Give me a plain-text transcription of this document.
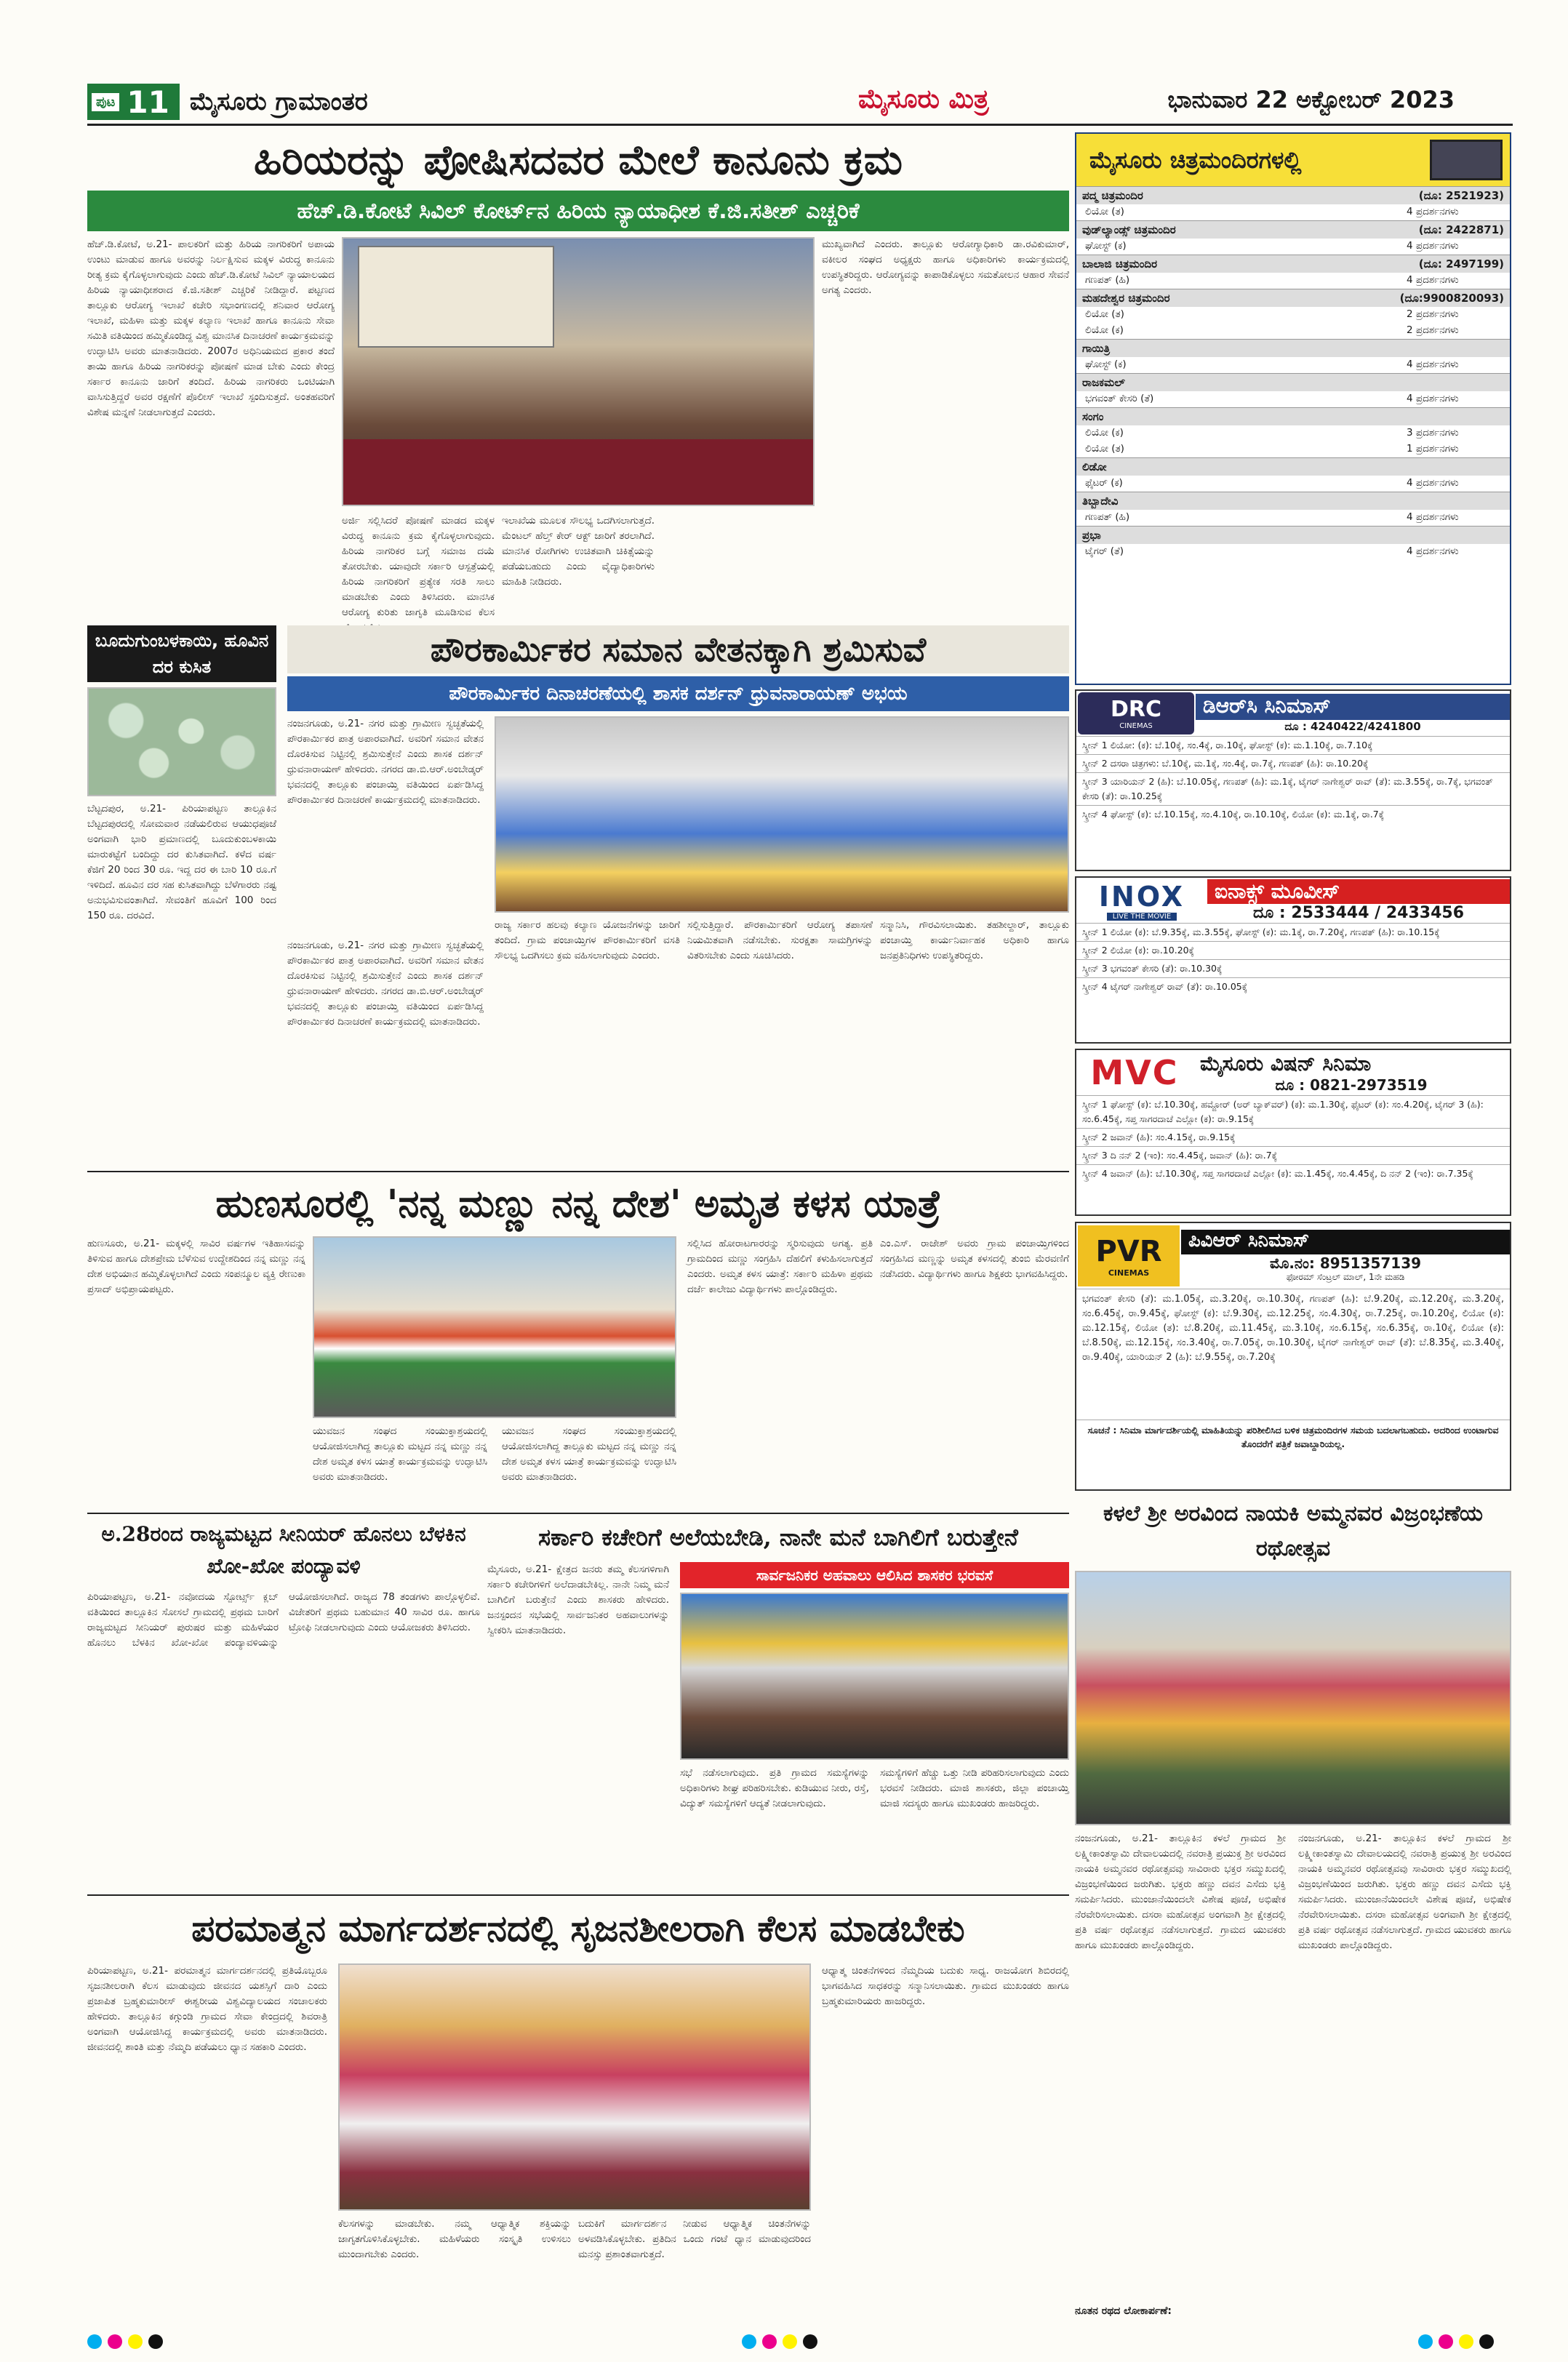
ಪುಟ 11 ಮೈಸೂರು ಗ್ರಾಮಾಂತರ	ಮೈಸೂರು ಮಿತ್ರ	ಭಾನುವಾರ 22 ಅಕ್ಟೋಬರ್ 2023
ಹಿರಿಯರನ್ನು ಪೋಷಿಸದವರ ಮೇಲೆ ಕಾನೂನು ಕ್ರಮ
ಹೆಚ್.ಡಿ.ಕೋಟೆ ಸಿವಿಲ್ ಕೋರ್ಟ್‌ನ ಹಿರಿಯ ನ್ಯಾಯಾಧೀಶ ಕೆ.ಜಿ.ಸತೀಶ್ ಎಚ್ಚರಿಕೆ
ಹೆಚ್.ಡಿ.ಕೋಟೆ, ಅ.21- ಪಾಲಕರಿಗೆ ಮತ್ತು ಹಿರಿಯ ನಾಗರಿಕರಿಗೆ ಅಪಾಯ ಉಂಟು ಮಾಡುವ ಹಾಗೂ ಅವರನ್ನು ನಿರ್ಲಕ್ಷಿಸುವ ಮಕ್ಕಳ ವಿರುದ್ಧ ಕಾನೂನು ರೀತ್ಯ ಕ್ರಮ ಕೈಗೊಳ್ಳಲಾಗುವುದು ಎಂದು ಹೆಚ್.ಡಿ.ಕೋಟೆ ಸಿವಿಲ್ ನ್ಯಾಯಾಲಯದ ಹಿರಿಯ ನ್ಯಾಯಾಧೀಶರಾದ ಕೆ.ಜಿ.ಸತೀಶ್ ಎಚ್ಚರಿಕೆ ನೀಡಿದ್ದಾರೆ. ಪಟ್ಟಣದ ತಾಲ್ಲೂಕು ಆರೋಗ್ಯ ಇಲಾಖೆ ಕಚೇರಿ ಸಭಾಂಗಣದಲ್ಲಿ ಶನಿವಾರ ಆರೋಗ್ಯ ಇಲಾಖೆ, ಮಹಿಳಾ ಮತ್ತು ಮಕ್ಕಳ ಕಲ್ಯಾಣ ಇಲಾಖೆ ಹಾಗೂ ಕಾನೂನು ಸೇವಾ ಸಮಿತಿ ವತಿಯಿಂದ ಹಮ್ಮಿಕೊಂಡಿದ್ದ ವಿಶ್ವ ಮಾನಸಿಕ ದಿನಾಚರಣೆ ಕಾರ್ಯಕ್ರಮವನ್ನು ಉದ್ಘಾಟಿಸಿ ಅವರು ಮಾತನಾಡಿದರು. 2007ರ ಅಧಿನಿಯಮದ ಪ್ರಕಾರ ತಂದೆ ತಾಯಿ ಹಾಗೂ ಹಿರಿಯ ನಾಗರಿಕರನ್ನು ಪೋಷಣೆ ಮಾಡ ಬೇಕು ಎಂದು ಕೇಂದ್ರ ಸರ್ಕಾರ ಕಾನೂನು ಜಾರಿಗೆ ತಂದಿದೆ. ಹಿರಿಯ ನಾಗರಿಕರು ಒಂಟಿಯಾಗಿ ವಾಸಿಸುತ್ತಿದ್ದರೆ ಅವರ ರಕ್ಷಣೆಗೆ ಪೊಲೀಸ್ ಇಲಾಖೆ ಸ್ಪಂದಿಸುತ್ತದೆ. ಅಂತಹವರಿಗೆ ವಿಶೇಷ ಮನ್ನಣೆ ನೀಡಲಾಗುತ್ತದೆ ಎಂದರು.
ಅರ್ಜಿ ಸಲ್ಲಿಸಿದರೆ ಪೋಷಣೆ ಮಾಡದ ಮಕ್ಕಳ ವಿರುದ್ಧ ಕಾನೂನು ಕ್ರಮ ಕೈಗೊಳ್ಳಲಾಗುವುದು. ಹಿರಿಯ ನಾಗರಿಕರ ಬಗ್ಗೆ ಸಮಾಜ ದಯೆ ತೋರಬೇಕು. ಯಾವುದೇ ಸರ್ಕಾರಿ ಆಸ್ಪತ್ರೆಯಲ್ಲಿ ಹಿರಿಯ ನಾಗರಿಕರಿಗೆ ಪ್ರತ್ಯೇಕ ಸರತಿ ಸಾಲು ಮಾಡಬೇಕು ಎಂದು ತಿಳಿಸಿದರು. ಮಾನಸಿಕ ಆರೋಗ್ಯ ಕುರಿತು ಜಾಗೃತಿ ಮೂಡಿಸುವ ಕೆಲಸ
ಇಲಾಖೆಯ ಮೂಲಕ ಸೌಲಭ್ಯ ಒದಗಿಸಲಾಗುತ್ತದೆ. ಮೆಂಟಲ್ ಹೆಲ್ತ್ ಕೇರ್ ಆಕ್ಟ್ ಜಾರಿಗೆ ತರಲಾಗಿದೆ. ಮಾನಸಿಕ ರೋಗಿಗಳು ಉಚಿತವಾಗಿ ಚಿಕಿತ್ಸೆಯನ್ನು ಪಡೆಯಬಹುದು ಎಂದು ವೈದ್ಯಾಧಿಕಾರಿಗಳು ಮಾಹಿತಿ ನೀಡಿದರು.
ಮುಖ್ಯವಾಗಿದೆ ಎಂದರು. ತಾಲ್ಲೂಕು ಆರೋಗ್ಯಾಧಿಕಾರಿ ಡಾ.ರವಿಕುಮಾರ್, ವಕೀಲರ ಸಂಘದ ಅಧ್ಯಕ್ಷರು ಹಾಗೂ ಅಧಿಕಾರಿಗಳು ಕಾರ್ಯಕ್ರಮದಲ್ಲಿ ಉಪಸ್ಥಿತರಿದ್ದರು. ಆರೋಗ್ಯವನ್ನು ಕಾಪಾಡಿಕೊಳ್ಳಲು ಸಮತೋಲನ ಆಹಾರ ಸೇವನೆ ಅಗತ್ಯ ಎಂದರು.
ಮೈಸೂರು ಚಿತ್ರಮಂದಿರಗಳಲ್ಲಿ
ಪದ್ಮ ಚಿತ್ರಮಂದಿರ	(ದೂ: 2521923)
ಲಿಯೋ (ತ)	4 ಪ್ರದರ್ಶನಗಳು
ವುಡ್‌ಲ್ಯಾಂಡ್ಸ್ ಚಿತ್ರಮಂದಿರ	(ದೂ: 2422871)
ಘೋಸ್ಟ್ (ಕ)	4 ಪ್ರದರ್ಶನಗಳು
ಬಾಲಾಜಿ ಚಿತ್ರಮಂದಿರ	(ದೂ: 2497199)
ಗಣಪತ್ (ಹಿ)	4 ಪ್ರದರ್ಶನಗಳು
ಮಹದೇಶ್ವರ ಚಿತ್ರಮಂದಿರ	(ದೂ:9900820093)
ಲಿಯೋ (ತ)	2 ಪ್ರದರ್ಶನಗಳು
ಲಿಯೋ (ಕ)	2 ಪ್ರದರ್ಶನಗಳು
ಗಾಯಿತ್ರಿ
ಘೋಸ್ಟ್ (ಕ)	4 ಪ್ರದರ್ಶನಗಳು
ರಾಜಕಮಲ್
ಭಗವಂತ್ ಕೇಸರಿ (ತೆ)	4 ಪ್ರದರ್ಶನಗಳು
ಸಂಗಂ
ಲಿಯೋ (ಕ)	3 ಪ್ರದರ್ಶನಗಳು
ಲಿಯೋ (ತ)	1 ಪ್ರದರ್ಶನಗಳು
ಲಿಡೋ
ಫೈಟರ್ (ಕ)	4 ಪ್ರದರ್ಶನಗಳು
ತಿಬ್ಬಾದೇವಿ
ಗಣಪತ್ (ಹಿ)	4 ಪ್ರದರ್ಶನಗಳು
ಪ್ರಭಾ
ಟೈಗರ್ (ತೆ)	4 ಪ್ರದರ್ಶನಗಳು
DRC
CINEMAS
ಡಿಆರ್‌ಸಿ ಸಿನಿಮಾಸ್
ದೂ : 4240422/4241800
ಸ್ಕ್ರೀನ್ 1 ಲಿಯೋ: (ಕ): ಬೆ.10ಕ್ಕೆ, ಸಂ.4ಕ್ಕೆ, ರಾ.10ಕ್ಕೆ, ಘೋಸ್ಟ್ (ಕ): ಮ.1.10ಕ್ಕೆ, ರಾ.7.10ಕ್ಕೆ
ಸ್ಕ್ರೀನ್ 2 ದಸರಾ ಚಿತ್ರಗಳು: ಬೆ.10ಕ್ಕೆ, ಮ.1ಕ್ಕೆ, ಸಂ.4ಕ್ಕೆ, ರಾ.7ಕ್ಕೆ, ಗಣಪತ್ (ಹಿ): ರಾ.10.20ಕ್ಕೆ
ಸ್ಕ್ರೀನ್ 3 ಯಾರಿಯನ್ 2 (ಹಿ): ಬೆ.10.05ಕ್ಕೆ, ಗಣಪತ್ (ಹಿ): ಮ.1ಕ್ಕೆ, ಟೈಗರ್ ನಾಗೇಶ್ವರ್ ರಾವ್ (ತೆ): ಮ.3.55ಕ್ಕೆ, ರಾ.7ಕ್ಕೆ, ಭಗವಂತ್ ಕೇಸರಿ (ತೆ): ರಾ.10.25ಕ್ಕೆ
ಸ್ಕ್ರೀನ್ 4 ಘೋಸ್ಟ್ (ಕ): ಬೆ.10.15ಕ್ಕೆ, ಸಂ.4.10ಕ್ಕೆ, ರಾ.10.10ಕ್ಕೆ, ಲಿಯೋ (ಕ): ಮ.1ಕ್ಕೆ, ರಾ.7ಕ್ಕೆ
INOX
LIVE THE MOVIE
ಐನಾಕ್ಸ್ ಮೂವೀಸ್
ದೂ : 2533444 / 2433456
ಸ್ಕ್ರೀನ್ 1 ಲಿಯೋ (ಕ): ಬೆ.9.35ಕ್ಕೆ, ಮ.3.55ಕ್ಕೆ, ಘೋಸ್ಟ್ (ಕ): ಮ.1ಕ್ಕೆ, ರಾ.7.20ಕ್ಕೆ, ಗಣಪತ್ (ಹಿ): ರಾ.10.15ಕ್ಕೆ
ಸ್ಕ್ರೀನ್ 2 ಲಿಯೋ (ಕ): ರಾ.10.20ಕ್ಕೆ
ಸ್ಕ್ರೀನ್ 3 ಭಗವಂತ್ ಕೇಸರಿ (ತೆ): ರಾ.10.30ಕ್ಕೆ
ಸ್ಕ್ರೀನ್ 4 ಟೈಗರ್ ನಾಗೇಶ್ವರ್ ರಾವ್ (ತೆ): ರಾ.10.05ಕ್ಕೆ
MVC	ಮೈಸೂರು ವಿಷನ್ ಸಿನಿಮಾ
ದೂ : 0821-2973519
ಸ್ಕ್ರೀನ್ 1 ಘೋಸ್ಟ್ (ಕ): ಬೆ.10.30ಕ್ಕೆ, ಹಮ್ಜೋರ್ (ಅರ್ ಬ್ಯಾಕ್‌ವರ್) (ಕ): ಮ.1.30ಕ್ಕೆ, ಫೈಟರ್ (ಕ): ಸಂ.4.20ಕ್ಕೆ, ಟೈಗರ್ 3 (ಹಿ): ಸಂ.6.45ಕ್ಕೆ, ಸಪ್ತ ಸಾಗರದಾಚೆ ಎಲ್ಲೋ (ಕ): ರಾ.9.15ಕ್ಕೆ
ಸ್ಕ್ರೀನ್ 2 ಜವಾನ್ (ಹಿ): ಸಂ.4.15ಕ್ಕೆ, ರಾ.9.15ಕ್ಕೆ
ಸ್ಕ್ರೀನ್ 3 ದಿ ನನ್ 2 (ಇಂ): ಸಂ.4.45ಕ್ಕೆ, ಜವಾನ್ (ಹಿ): ರಾ.7ಕ್ಕೆ
ಸ್ಕ್ರೀನ್ 4 ಜವಾನ್ (ಹಿ): ಬೆ.10.30ಕ್ಕೆ, ಸಪ್ತ ಸಾಗರದಾಚೆ ಎಲ್ಲೋ (ಕ): ಮ.1.45ಕ್ಕೆ, ಸಂ.4.45ಕ್ಕೆ, ದಿ ನನ್ 2 (ಇಂ): ರಾ.7.35ಕ್ಕೆ
PVR
CINEMAS
ಪಿವಿಆರ್ ಸಿನಿಮಾಸ್
ಮೊ.ನಂ: 8951357139
ಫೋರಮ್ ಸೆಂಟ್ರಲ್ ಮಾಲ್, 1ನೇ ಮಹಡಿ
ಭಗವಂತ್ ಕೇಸರಿ (ತೆ): ಮ.1.05ಕ್ಕೆ, ಮ.3.20ಕ್ಕೆ, ರಾ.10.30ಕ್ಕೆ, ಗಣಪತ್ (ಹಿ): ಬೆ.9.20ಕ್ಕೆ, ಮ.12.20ಕ್ಕೆ, ಮ.3.20ಕ್ಕೆ, ಸಂ.6.45ಕ್ಕೆ, ರಾ.9.45ಕ್ಕೆ, ಘೋಸ್ಟ್ (ಕ): ಬೆ.9.30ಕ್ಕೆ, ಮ.12.25ಕ್ಕೆ, ಸಂ.4.30ಕ್ಕೆ, ರಾ.7.25ಕ್ಕೆ, ರಾ.10.20ಕ್ಕೆ, ಲಿಯೋ (ಕ): ಮ.12.15ಕ್ಕೆ, ಲಿಯೋ (ತ): ಬೆ.8.20ಕ್ಕೆ, ಮ.11.45ಕ್ಕೆ, ಮ.3.10ಕ್ಕೆ, ಸಂ.6.15ಕ್ಕೆ, ಸಂ.6.35ಕ್ಕೆ, ರಾ.10ಕ್ಕೆ, ಲಿಯೋ (ಕ): ಬೆ.8.50ಕ್ಕೆ, ಮ.12.15ಕ್ಕೆ, ಸಂ.3.40ಕ್ಕೆ, ರಾ.7.05ಕ್ಕೆ, ರಾ.10.30ಕ್ಕೆ, ಟೈಗರ್ ನಾಗೇಶ್ವರ್ ರಾವ್ (ತೆ): ಬೆ.8.35ಕ್ಕೆ, ಮ.3.40ಕ್ಕೆ, ರಾ.9.40ಕ್ಕೆ, ಯಾರಿಯನ್ 2 (ಹಿ): ಬೆ.9.55ಕ್ಕೆ, ರಾ.7.20ಕ್ಕೆ
ಸೂಚನೆ : ಸಿನಿಮಾ ಮಾರ್ಗದರ್ಶಿಯಲ್ಲಿ ಮಾಹಿತಿಯನ್ನು ಪರಿಶೀಲಿಸಿದ ಬಳಿಕ ಚಿತ್ರಮಂದಿರಗಳ ಸಮಯ ಬದಲಾಗಬಹುದು. ಅದರಿಂದ ಉಂಟಾಗುವ ತೊಂದರೆಗೆ ಪತ್ರಿಕೆ ಜವಾಬ್ದಾರಿಯಲ್ಲ.
ಬೂದುಗುಂಬಳಕಾಯಿ, ಹೂವಿನ ದರ ಕುಸಿತ
ಬೆಟ್ಟದಪುರ, ಅ.21- ಪಿರಿಯಾಪಟ್ಟಣ ತಾಲ್ಲೂಕಿನ ಬೆಟ್ಟದಪುರದಲ್ಲಿ ಸೋಮವಾರ ನಡೆಯಲಿರುವ ಆಯುಧಪೂಜೆ ಅಂಗವಾಗಿ ಭಾರಿ ಪ್ರಮಾಣದಲ್ಲಿ ಬೂದುಕುಂಬಳಕಾಯಿ ಮಾರುಕಟ್ಟೆಗೆ ಬಂದಿದ್ದು ದರ ಕುಸಿತವಾಗಿದೆ. ಕಳೆದ ವರ್ಷ ಕೆಜಿಗೆ 20 ರಿಂದ 30 ರೂ. ಇದ್ದ ದರ ಈ ಬಾರಿ 10 ರೂ.ಗೆ ಇಳಿದಿದೆ. ಹೂವಿನ ದರ ಸಹ ಕುಸಿತವಾಗಿದ್ದು ಬೆಳೆಗಾರರು ನಷ್ಟ ಅನುಭವಿಸುವಂತಾಗಿದೆ. ಸೇವಂತಿಗೆ ಹೂವಿಗೆ 100 ರಿಂದ 150 ರೂ. ದರವಿದೆ.
ಪೌರಕಾರ್ಮಿಕರ ಸಮಾನ ವೇತನಕ್ಕಾಗಿ ಶ್ರಮಿಸುವೆ
ಪೌರಕಾರ್ಮಿಕರ ದಿನಾಚರಣೆಯಲ್ಲಿ ಶಾಸಕ ದರ್ಶನ್ ಧ್ರುವನಾರಾಯಣ್ ಅಭಯ
ನಂಜನಗೂಡು, ಅ.21- ನಗರ ಮತ್ತು ಗ್ರಾಮೀಣ ಸ್ವಚ್ಛತೆಯಲ್ಲಿ ಪೌರಕಾರ್ಮಿಕರ ಪಾತ್ರ ಅಪಾರವಾಗಿದೆ. ಅವರಿಗೆ ಸಮಾನ ವೇತನ ದೊರಕಿಸುವ ನಿಟ್ಟಿನಲ್ಲಿ ಶ್ರಮಿಸುತ್ತೇನೆ ಎಂದು ಶಾಸಕ ದರ್ಶನ್ ಧ್ರುವನಾರಾಯಣ್ ಹೇಳಿದರು. ನಗರದ ಡಾ.ಬಿ.ಆರ್.ಅಂಬೇಡ್ಕರ್ ಭವನದಲ್ಲಿ ತಾಲ್ಲೂಕು ಪಂಚಾಯ್ತಿ ವತಿಯಿಂದ ಏರ್ಪಡಿಸಿದ್ದ ಪೌರಕಾರ್ಮಿಕರ ದಿನಾಚರಣೆ ಕಾರ್ಯಕ್ರಮದಲ್ಲಿ ಮಾತನಾಡಿದರು.
ನಂಜನಗೂಡು, ಅ.21- ನಗರ ಮತ್ತು ಗ್ರಾಮೀಣ ಸ್ವಚ್ಛತೆಯಲ್ಲಿ ಪೌರಕಾರ್ಮಿಕರ ಪಾತ್ರ ಅಪಾರವಾಗಿದೆ. ಅವರಿಗೆ ಸಮಾನ ವೇತನ ದೊರಕಿಸುವ ನಿಟ್ಟಿನಲ್ಲಿ ಶ್ರಮಿಸುತ್ತೇನೆ ಎಂದು ಶಾಸಕ ದರ್ಶನ್ ಧ್ರುವನಾರಾಯಣ್ ಹೇಳಿದರು. ನಗರದ ಡಾ.ಬಿ.ಆರ್.ಅಂಬೇಡ್ಕರ್ ಭವನದಲ್ಲಿ ತಾಲ್ಲೂಕು ಪಂಚಾಯ್ತಿ ವತಿಯಿಂದ ಏರ್ಪಡಿಸಿದ್ದ ಪೌರಕಾರ್ಮಿಕರ ದಿನಾಚರಣೆ ಕಾರ್ಯಕ್ರಮದಲ್ಲಿ ಮಾತನಾಡಿದರು.
ರಾಜ್ಯ ಸರ್ಕಾರ ಹಲವು ಕಲ್ಯಾಣ ಯೋಜನೆಗಳನ್ನು ಜಾರಿಗೆ ತಂದಿದೆ. ಗ್ರಾಮ ಪಂಚಾಯ್ತಿಗಳ ಪೌರಕಾರ್ಮಿಕರಿಗೆ ವಸತಿ ಸೌಲಭ್ಯ ಒದಗಿಸಲು ಕ್ರಮ ವಹಿಸಲಾಗುವುದು ಎಂದರು.
ಸಲ್ಲಿಸುತ್ತಿದ್ದಾರೆ. ಪೌರಕಾರ್ಮಿಕರಿಗೆ ಆರೋಗ್ಯ ತಪಾಸಣೆ ನಿಯಮಿತವಾಗಿ ನಡೆಸಬೇಕು. ಸುರಕ್ಷತಾ ಸಾಮಗ್ರಿಗಳನ್ನು ವಿತರಿಸಬೇಕು ಎಂದು ಸೂಚಿಸಿದರು.
ಸನ್ಮಾನಿಸಿ, ಗೌರವಿಸಲಾಯಿತು. ತಹಶೀಲ್ದಾರ್, ತಾಲ್ಲೂಕು ಪಂಚಾಯ್ತಿ ಕಾರ್ಯನಿರ್ವಾಹಕ ಅಧಿಕಾರಿ ಹಾಗೂ ಜನಪ್ರತಿನಿಧಿಗಳು ಉಪಸ್ಥಿತರಿದ್ದರು.
ಹುಣಸೂರಲ್ಲಿ 'ನನ್ನ ಮಣ್ಣು ನನ್ನ ದೇಶ' ಅಮೃತ ಕಳಸ ಯಾತ್ರೆ
ಹುಣಸೂರು, ಅ.21- ಮಕ್ಕಳಲ್ಲಿ ಸಾವಿರ ವರ್ಷಗಳ ಇತಿಹಾಸವನ್ನು ತಿಳಿಸುವ ಹಾಗೂ ದೇಶಪ್ರೇಮ ಬೆಳೆಸುವ ಉದ್ದೇಶದಿಂದ ನನ್ನ ಮಣ್ಣು ನನ್ನ ದೇಶ ಅಭಿಯಾನ ಹಮ್ಮಿಕೊಳ್ಳಲಾಗಿದೆ ಎಂದು ಸಂಪನ್ಮೂಲ ವ್ಯಕ್ತಿ ರೇಣುಕಾ ಪ್ರಸಾದ್ ಅಭಿಪ್ರಾಯಪಟ್ಟರು.
ಯುವಜನ ಸಂಘದ ಸಂಯುಕ್ತಾಶ್ರಯದಲ್ಲಿ ಆಯೋಜಿಸಲಾಗಿದ್ದ ತಾಲ್ಲೂಕು ಮಟ್ಟದ ನನ್ನ ಮಣ್ಣು ನನ್ನ ದೇಶ ಅಮೃತ ಕಳಸ ಯಾತ್ರೆ ಕಾರ್ಯಕ್ರಮವನ್ನು ಉದ್ಘಾಟಿಸಿ ಅವರು ಮಾತನಾಡಿದರು.
ಯುವಜನ ಸಂಘದ ಸಂಯುಕ್ತಾಶ್ರಯದಲ್ಲಿ ಆಯೋಜಿಸಲಾಗಿದ್ದ ತಾಲ್ಲೂಕು ಮಟ್ಟದ ನನ್ನ ಮಣ್ಣು ನನ್ನ ದೇಶ ಅಮೃತ ಕಳಸ ಯಾತ್ರೆ ಕಾರ್ಯಕ್ರಮವನ್ನು ಉದ್ಘಾಟಿಸಿ ಅವರು ಮಾತನಾಡಿದರು.
ಸಲ್ಲಿಸಿದ ಹೋರಾಟಗಾರರನ್ನು ಸ್ಮರಿಸುವುದು ಅಗತ್ಯ. ಪ್ರತಿ ಗ್ರಾಮದಿಂದ ಮಣ್ಣು ಸಂಗ್ರಹಿಸಿ ದೆಹಲಿಗೆ ಕಳುಹಿಸಲಾಗುತ್ತದೆ ಎಂದರು. ಅಮೃತ ಕಳಸ ಯಾತ್ರೆ: ಸರ್ಕಾರಿ ಮಹಿಳಾ ಪ್ರಥಮ ದರ್ಜೆ ಕಾಲೇಜು ವಿದ್ಯಾರ್ಥಿಗಳು ಪಾಲ್ಗೊಂಡಿದ್ದರು.
ಎಂ.ಎಸ್. ರಾಜೇಶ್ ಅವರು ಗ್ರಾಮ ಪಂಚಾಯ್ತಿಗಳಿಂದ ಸಂಗ್ರಹಿಸಿದ ಮಣ್ಣನ್ನು ಅಮೃತ ಕಳಸದಲ್ಲಿ ತುಂಬಿ ಮೆರವಣಿಗೆ ನಡೆಸಿದರು. ವಿದ್ಯಾರ್ಥಿಗಳು ಹಾಗೂ ಶಿಕ್ಷಕರು ಭಾಗವಹಿಸಿದ್ದರು.
ಅ.28ರಂದ ರಾಜ್ಯಮಟ್ಟದ ಸೀನಿಯರ್ ಹೊನಲು ಬೆಳಕಿನ ಖೋ-ಖೋ ಪಂದ್ಯಾವಳಿ
ಪಿರಿಯಾಪಟ್ಟಣ, ಅ.21- ನವೋದಯ ಸ್ಪೋರ್ಟ್ಸ್ ಕ್ಲಬ್ ವತಿಯಿಂದ ತಾಲ್ಲೂಕಿನ ಸೋಸಲೆ ಗ್ರಾಮದಲ್ಲಿ ಪ್ರಥಮ ಬಾರಿಗೆ ರಾಜ್ಯಮಟ್ಟದ ಸೀನಿಯರ್ ಪುರುಷರ ಮತ್ತು ಮಹಿಳೆಯರ ಹೊನಲು ಬೆಳಕಿನ ಖೋ-ಖೋ ಪಂದ್ಯಾವಳಿಯನ್ನು ಆಯೋಜಿಸಲಾಗಿದೆ. ರಾಜ್ಯದ 78 ತಂಡಗಳು ಪಾಲ್ಗೊಳ್ಳಲಿವೆ. ವಿಜೇತರಿಗೆ ಪ್ರಥಮ ಬಹುಮಾನ 40 ಸಾವಿರ ರೂ. ಹಾಗೂ ಟ್ರೋಫಿ ನೀಡಲಾಗುವುದು ಎಂದು ಆಯೋಜಕರು ತಿಳಿಸಿದರು.
ಸರ್ಕಾರಿ ಕಚೇರಿಗೆ ಅಲೆಯಬೇಡಿ, ನಾನೇ ಮನೆ ಬಾಗಿಲಿಗೆ ಬರುತ್ತೇನೆ
ಮೈಸೂರು, ಅ.21- ಕ್ಷೇತ್ರದ ಜನರು ತಮ್ಮ ಕೆಲಸಗಳಿಗಾಗಿ ಸರ್ಕಾರಿ ಕಚೇರಿಗಳಿಗೆ ಅಲೆದಾಡಬೇಕಿಲ್ಲ. ನಾನೇ ನಿಮ್ಮ ಮನೆ ಬಾಗಿಲಿಗೆ ಬರುತ್ತೇನೆ ಎಂದು ಶಾಸಕರು ಹೇಳಿದರು. ಜನಸ್ಪಂದನ ಸಭೆಯಲ್ಲಿ ಸಾರ್ವಜನಿಕರ ಅಹವಾಲುಗಳನ್ನು ಸ್ವೀಕರಿಸಿ ಮಾತನಾಡಿದರು.
ಸಾರ್ವಜನಿಕರ ಅಹವಾಲು ಆಲಿಸಿದ ಶಾಸಕರ ಭರವಸೆ
ಸಭೆ ನಡೆಸಲಾಗುವುದು. ಪ್ರತಿ ಗ್ರಾಮದ ಸಮಸ್ಯೆಗಳನ್ನು ಅಧಿಕಾರಿಗಳು ಶೀಘ್ರ ಪರಿಹರಿಸಬೇಕು. ಕುಡಿಯುವ ನೀರು, ರಸ್ತೆ, ವಿದ್ಯುತ್ ಸಮಸ್ಯೆಗಳಿಗೆ ಆದ್ಯತೆ ನೀಡಲಾಗುವುದು.
ಸಮಸ್ಯೆಗಳಿಗೆ ಹೆಚ್ಚು ಒತ್ತು ನೀಡಿ ಪರಿಹರಿಸಲಾಗುವುದು ಎಂದು ಭರವಸೆ ನೀಡಿದರು. ಮಾಜಿ ಶಾಸಕರು, ಜಿಲ್ಲಾ ಪಂಚಾಯ್ತಿ ಮಾಜಿ ಸದಸ್ಯರು ಹಾಗೂ ಮುಖಂಡರು ಹಾಜರಿದ್ದರು.
ಕಳಲೆ ಶ್ರೀ ಅರವಿಂದ ನಾಯಕಿ ಅಮ್ಮನವರ ವಿಜ್ರಂಭಣೆಯ ರಥೋತ್ಸವ
ನಂಜನಗೂಡು, ಅ.21- ತಾಲ್ಲೂಕಿನ ಕಳಲೆ ಗ್ರಾಮದ ಶ್ರೀ ಲಕ್ಷ್ಮೀಕಾಂತಸ್ವಾಮಿ ದೇವಾಲಯದಲ್ಲಿ ನವರಾತ್ರಿ ಪ್ರಯುಕ್ತ ಶ್ರೀ ಅರವಿಂದ ನಾಯಕಿ ಅಮ್ಮನವರ ರಥೋತ್ಸವವು ಸಾವಿರಾರು ಭಕ್ತರ ಸಮ್ಮುಖದಲ್ಲಿ ವಿಜ್ರಂಭಣೆಯಿಂದ ಜರುಗಿತು. ಭಕ್ತರು ಹಣ್ಣು ದವನ ಎಸೆದು ಭಕ್ತಿ ಸಮರ್ಪಿಸಿದರು. ಮುಂಜಾನೆಯಿಂದಲೇ ವಿಶೇಷ ಪೂಜೆ, ಅಭಿಷೇಕ ನೆರವೇರಿಸಲಾಯಿತು. ದಸರಾ ಮಹೋತ್ಸವ ಅಂಗವಾಗಿ ಶ್ರೀ ಕ್ಷೇತ್ರದಲ್ಲಿ ಪ್ರತಿ ವರ್ಷ ರಥೋತ್ಸವ ನಡೆಸಲಾಗುತ್ತದೆ. ಗ್ರಾಮದ ಯುವಕರು ಹಾಗೂ ಮುಖಂಡರು ಪಾಲ್ಗೊಂಡಿದ್ದರು.
ನಂಜನಗೂಡು, ಅ.21- ತಾಲ್ಲೂಕಿನ ಕಳಲೆ ಗ್ರಾಮದ ಶ್ರೀ ಲಕ್ಷ್ಮೀಕಾಂತಸ್ವಾಮಿ ದೇವಾಲಯದಲ್ಲಿ ನವರಾತ್ರಿ ಪ್ರಯುಕ್ತ ಶ್ರೀ ಅರವಿಂದ ನಾಯಕಿ ಅಮ್ಮನವರ ರಥೋತ್ಸವವು ಸಾವಿರಾರು ಭಕ್ತರ ಸಮ್ಮುಖದಲ್ಲಿ ವಿಜ್ರಂಭಣೆಯಿಂದ ಜರುಗಿತು. ಭಕ್ತರು ಹಣ್ಣು ದವನ ಎಸೆದು ಭಕ್ತಿ ಸಮರ್ಪಿಸಿದರು. ಮುಂಜಾನೆಯಿಂದಲೇ ವಿಶೇಷ ಪೂಜೆ, ಅಭಿಷೇಕ ನೆರವೇರಿಸಲಾಯಿತು. ದಸರಾ ಮಹೋತ್ಸವ ಅಂಗವಾಗಿ ಶ್ರೀ ಕ್ಷೇತ್ರದಲ್ಲಿ ಪ್ರತಿ ವರ್ಷ ರಥೋತ್ಸವ ನಡೆಸಲಾಗುತ್ತದೆ. ಗ್ರಾಮದ ಯುವಕರು ಹಾಗೂ ಮುಖಂಡರು ಪಾಲ್ಗೊಂಡಿದ್ದರು.
ನೂತನ ರಥದ ಲೋಕಾರ್ಪಣೆ:
ಪರಮಾತ್ಮನ ಮಾರ್ಗದರ್ಶನದಲ್ಲಿ ಸೃಜನಶೀಲರಾಗಿ ಕೆಲಸ ಮಾಡಬೇಕು
ಪಿರಿಯಾಪಟ್ಟಣ, ಅ.21- ಪರಮಾತ್ಮನ ಮಾರ್ಗದರ್ಶನದಲ್ಲಿ ಪ್ರತಿಯೊಬ್ಬರೂ ಸೃಜನಶೀಲರಾಗಿ ಕೆಲಸ ಮಾಡುವುದು ಜೀವನದ ಯಶಸ್ಸಿಗೆ ದಾರಿ ಎಂದು ಪ್ರಜಾಪಿತ ಬ್ರಹ್ಮಕುಮಾರೀಸ್ ಈಶ್ವರೀಯ ವಿಶ್ವವಿದ್ಯಾಲಯದ ಸಂಚಾಲಕರು ಹೇಳಿದರು. ತಾಲ್ಲೂಕಿನ ಕಗ್ಗುಂಡಿ ಗ್ರಾಮದ ಸೇವಾ ಕೇಂದ್ರದಲ್ಲಿ ಶಿವರಾತ್ರಿ ಅಂಗವಾಗಿ ಆಯೋಜಿಸಿದ್ದ ಕಾರ್ಯಕ್ರಮದಲ್ಲಿ ಅವರು ಮಾತನಾಡಿದರು. ಜೀವನದಲ್ಲಿ ಶಾಂತಿ ಮತ್ತು ನೆಮ್ಮದಿ ಪಡೆಯಲು ಧ್ಯಾನ ಸಹಕಾರಿ ಎಂದರು.
ಕೆಲಸಗಳನ್ನು ಮಾಡಬೇಕು. ನಮ್ಮ ಆಧ್ಯಾತ್ಮಿಕ ಶಕ್ತಿಯನ್ನು ಜಾಗೃತಗೊಳಿಸಿಕೊಳ್ಳಬೇಕು. ಮಹಿಳೆಯರು ಸಂಸ್ಕೃತಿ ಉಳಿಸಲು ಮುಂದಾಗಬೇಕು ಎಂದರು.
ಬದುಕಿಗೆ ಮಾರ್ಗದರ್ಶನ ನೀಡುವ ಆಧ್ಯಾತ್ಮಿಕ ಚಿಂತನೆಗಳನ್ನು ಅಳವಡಿಸಿಕೊಳ್ಳಬೇಕು. ಪ್ರತಿದಿನ ಒಂದು ಗಂಟೆ ಧ್ಯಾನ ಮಾಡುವುದರಿಂದ ಮನಸ್ಸು ಪ್ರಶಾಂತವಾಗುತ್ತದೆ.
ಆಧ್ಯಾತ್ಮ ಚಿಂತನೆಗಳಿಂದ ನೆಮ್ಮದಿಯ ಬದುಕು ಸಾಧ್ಯ. ರಾಜಯೋಗ ಶಿಬಿರದಲ್ಲಿ ಭಾಗವಹಿಸಿದ ಸಾಧಕರನ್ನು ಸನ್ಮಾನಿಸಲಾಯಿತು. ಗ್ರಾಮದ ಮುಖಂಡರು ಹಾಗೂ ಬ್ರಹ್ಮಕುಮಾರಿಯರು ಹಾಜರಿದ್ದರು.
